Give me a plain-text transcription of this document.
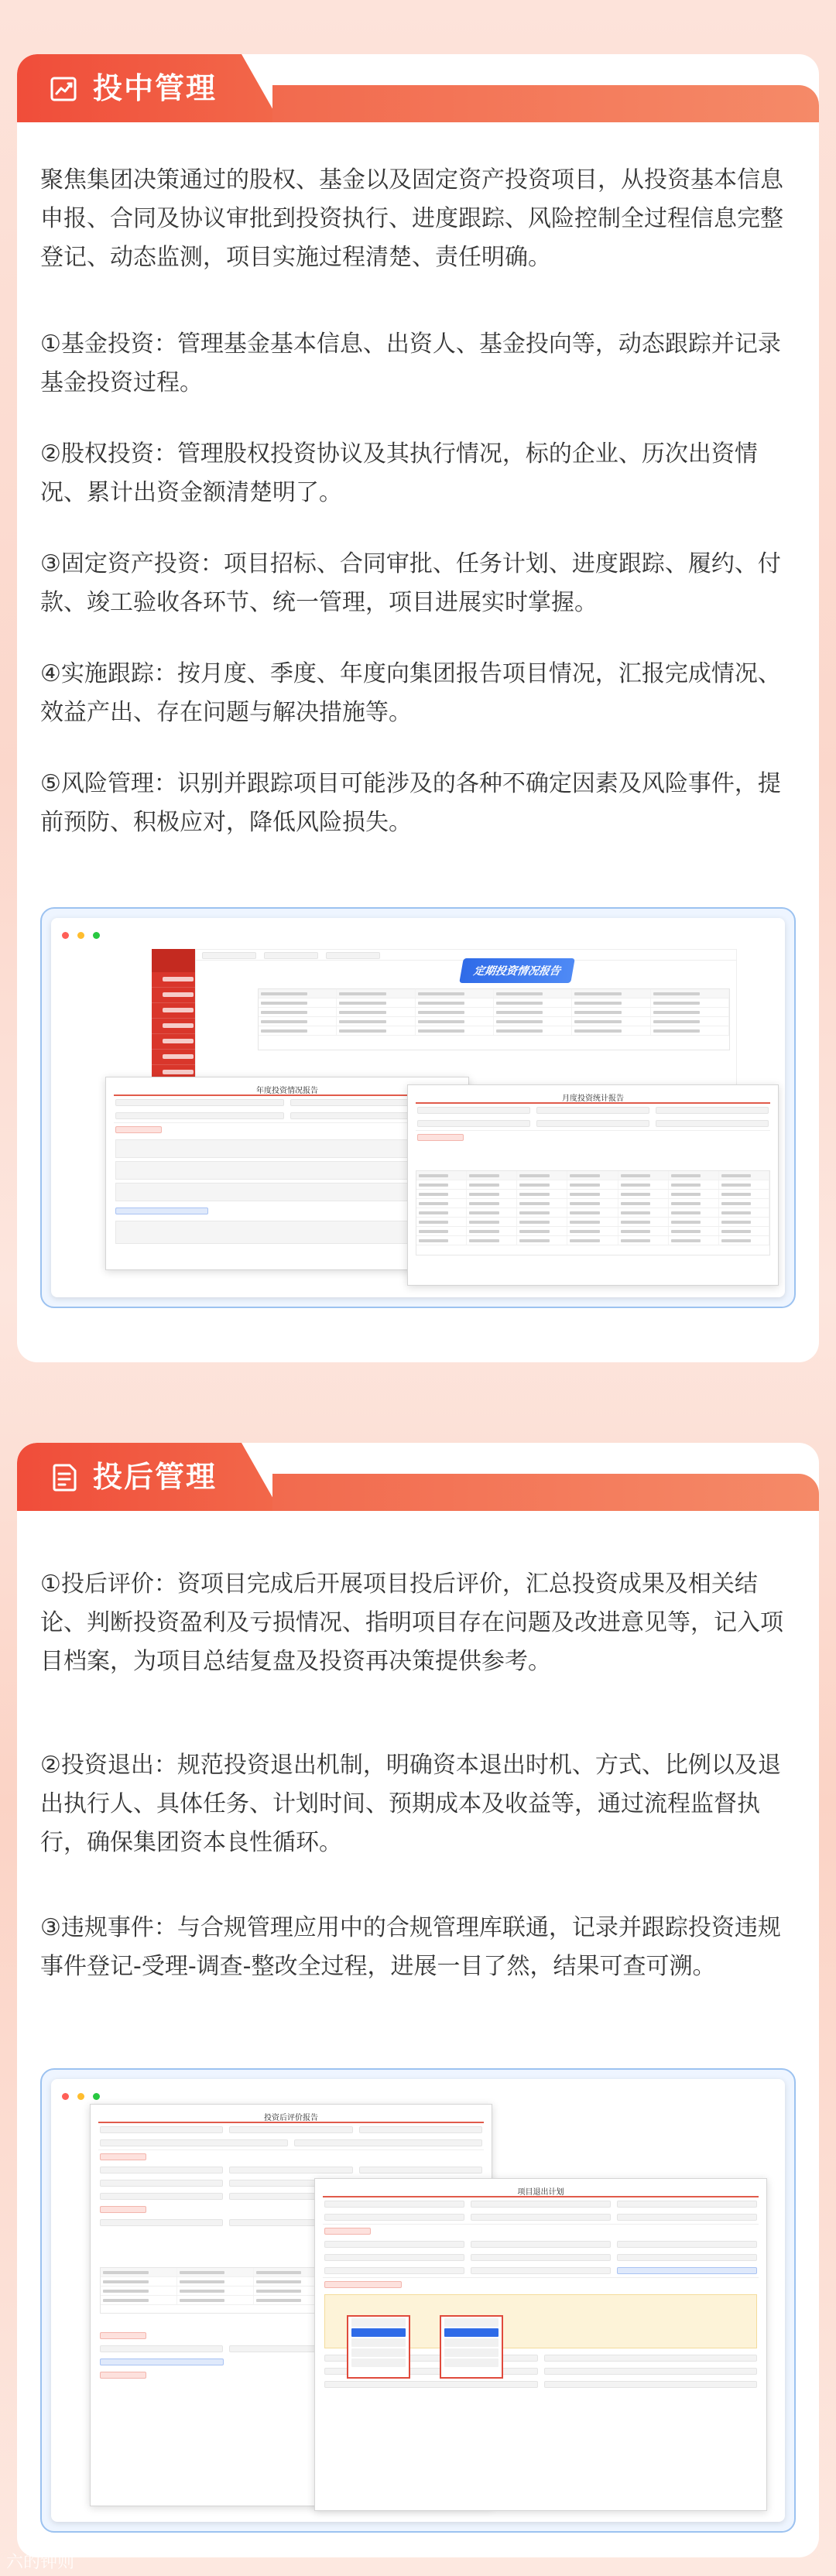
投中管理

聚焦集团决策通过的股权、基金以及固定资产投资项目，从投资基本信息申报、合同及协议审批到投资执行、进度跟踪、风险控制全过程信息完整登记、动态监测，项目实施过程清楚、责任明确。

①基金投资：管理基金基本信息、出资人、基金投向等，动态跟踪并记录基金投资过程。

②股权投资：管理股权投资协议及其执行情况，标的企业、历次出资情况、累计出资金额清楚明了。

③固定资产投资：项目招标、合同审批、任务计划、进度跟踪、履约、付款、竣工验收各环节、统一管理，项目进展实时掌握。

④实施跟踪：按月度、季度、年度向集团报告项目情况，汇报完成情况、效益产出、存在问题与解决措施等。

⑤风险管理：识别并跟踪项目可能涉及的各种不确定因素及风险事件，提前预防、积极应对，降低风险损失。

定期投资情况报告
年度投资情况报告
月度投资统计报告
投后管理

①投后评价：资项目完成后开展项目投后评价，汇总投资成果及相关结论、判断投资盈利及亏损情况、指明项目存在问题及改进意见等，记入项目档案，为项目总结复盘及投资再决策提供参考。

②投资退出：规范投资退出机制，明确资本退出时机、方式、比例以及退出执行人、具体任务、计划时间、预期成本及收益等，通过流程监督执行，确保集团资本良性循环。

③违规事件：与合规管理应用中的合规管理库联通，记录并跟踪投资违规事件登记-受理-调查-整改全过程，进展一目了然，结果可查可溯。

投资后评价报告
项目退出计划
六的钟则
